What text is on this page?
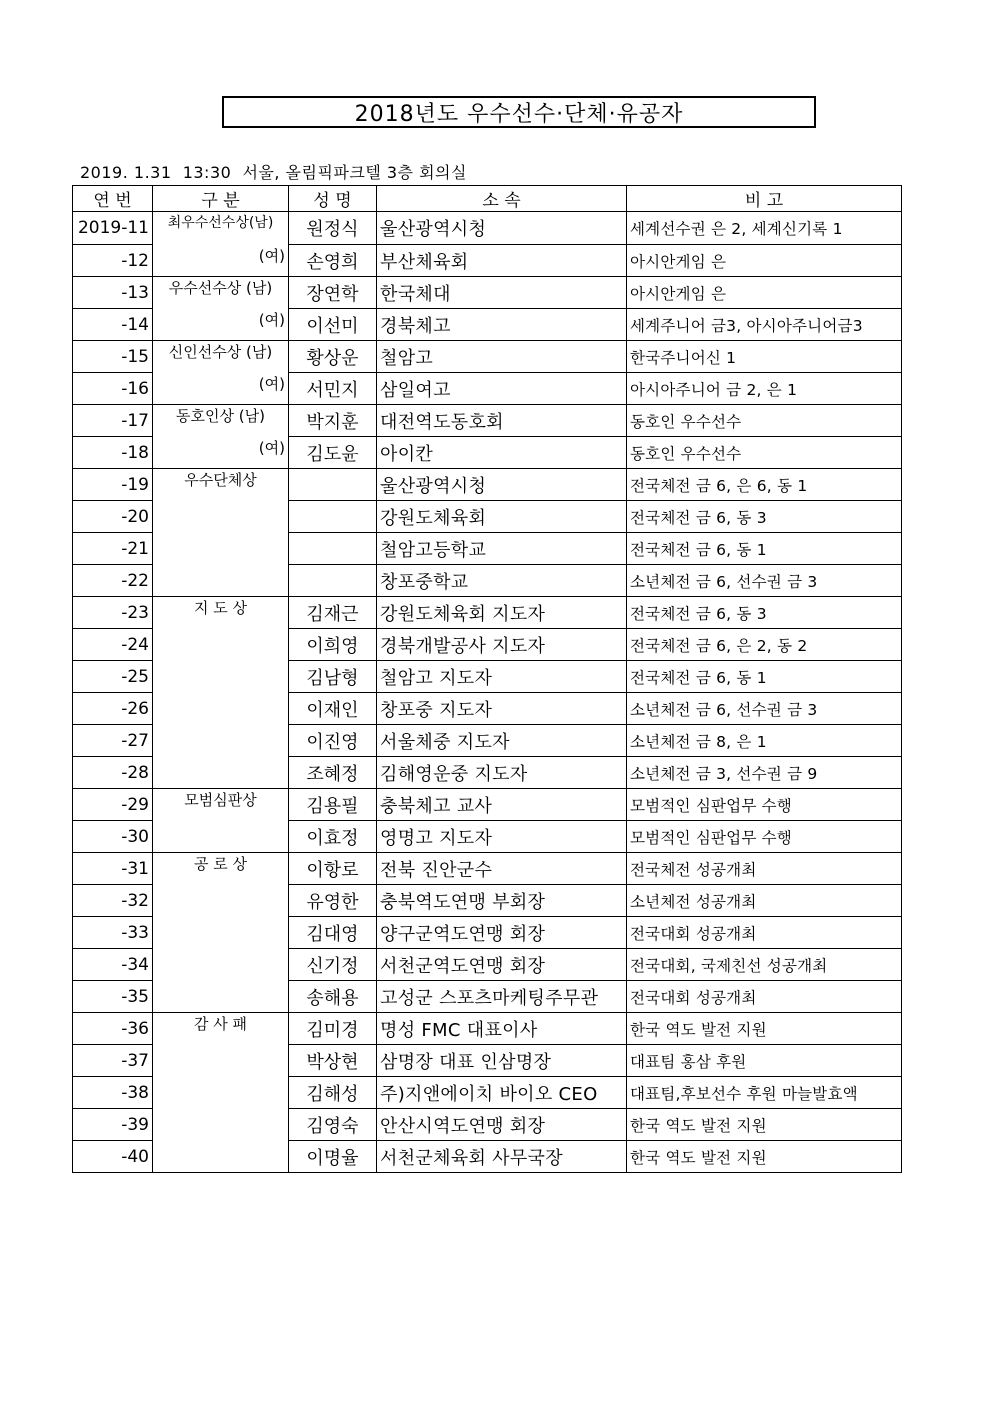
2018년도 우수선수·단체·유공자
2019. 1.31  13:30  서울, 올림픽파크텔 3층 회의실
연 번	구 분	성 명	소 속	비 고
2019-11	최우수선수상(남)	원정식	울산광역시청	세계선수권 은 2, 세계신기록 1
-12	(여)	손영희	부산체육회	아시안게임 은
-13	우수선수상 (남)	장연학	한국체대	아시안게임 은
-14	(여)	이선미	경북체고	세계주니어 금3, 아시아주니어금3
-15	신인선수상 (남)	황상운	철암고	한국주니어신 1
-16	(여)	서민지	삼일여고	아시아주니어 금 2, 은 1
-17	동호인상 (남)	박지훈	대전역도동호회	동호인 우수선수
-18	(여)	김도윤	아이칸	동호인 우수선수
-19	우수단체상		울산광역시청	전국체전 금 6, 은 6, 동 1
-20			강원도체육회	전국체전 금 6, 동 3
-21			철암고등학교	전국체전 금 6, 동 1
-22			창포중학교	소년체전 금 6, 선수권 금 3
-23	지 도 상	김재근	강원도체육회 지도자	전국체전 금 6, 동 3
-24		이희영	경북개발공사 지도자	전국체전 금 6, 은 2, 동 2
-25		김남형	철암고 지도자	전국체전 금 6, 동 1
-26		이재인	창포중 지도자	소년체전 금 6, 선수권 금 3
-27		이진영	서울체중 지도자	소년체전 금 8, 은 1
-28		조혜정	김해영운중 지도자	소년체전 금 3, 선수권 금 9
-29	모범심판상	김용필	충북체고 교사	모범적인 심판업무 수행
-30		이효정	영명고 지도자	모범적인 심판업무 수행
-31	공 로 상	이항로	전북 진안군수	전국체전 성공개최
-32		유영한	충북역도연맹 부회장	소년체전 성공개최
-33		김대영	양구군역도연맹 회장	전국대회 성공개최
-34		신기정	서천군역도연맹 회장	전국대회, 국제친선 성공개최
-35		송해용	고성군 스포츠마케팅주무관	전국대회 성공개최
-36	감 사 패	김미경	명성 FMC 대표이사	한국 역도 발전 지원
-37		박상현	삼명장 대표 인삼명장	대표팀 홍삼 후원
-38		김해성	주)지앤에이치 바이오 CEO	대표팀,후보선수 후원 마늘발효액
-39		김영숙	안산시역도연맹 회장	한국 역도 발전 지원
-40		이명율	서천군체육회 사무국장	한국 역도 발전 지원
